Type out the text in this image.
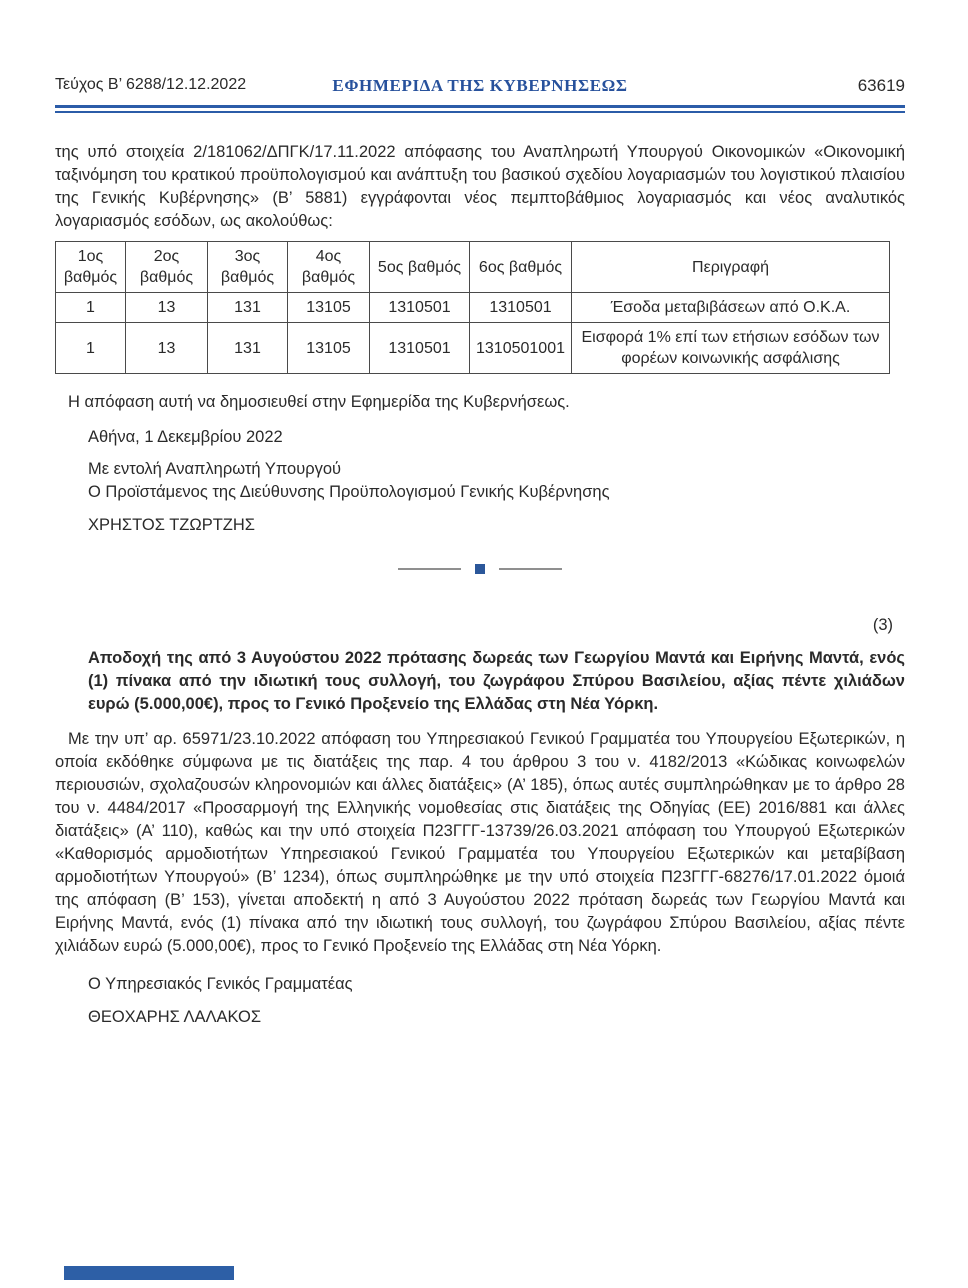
Τεύχος Β’ 6288/12.12.2022	ΕΦΗΜΕΡΙΔΑ ΤΗΣ ΚΥΒΕΡΝΗΣΕΩΣ	63619

της υπό στοιχεία 2/181062/ΔΠΓΚ/17.11.2022 απόφασης του Αναπληρωτή Υπουργού Οικονομικών «Οικονομική ταξινόμηση του κρατικού προϋπολογισμού και ανάπτυξη του βασικού σχεδίου λογαριασμών του λογιστικού πλαισίου της Γενικής Κυβέρνησης» (Β’ 5881) εγγράφονται νέος πεμπτοβάθμιος λογαριασμός και νέος αναλυτικός λογαριασμός εσόδων, ως ακολούθως:

1ος βαθμός	2ος βαθμός	3ος βαθμός	4ος βαθμός	5ος βαθμός	6ος βαθμός	Περιγραφή
1	13	131	13105	1310501	1310501	Έσοδα μεταβιβάσεων από Ο.Κ.Α.
1	13	131	13105	1310501	1310501001	Εισφορά 1% επί των ετήσιων εσόδων των φορέων κοινωνικής ασφάλισης

Η απόφαση αυτή να δημοσιευθεί στην Εφημερίδα της Κυβερνήσεως.

Αθήνα, 1 Δεκεμβρίου 2022

Με εντολή Αναπληρωτή Υπουργού

Ο Προϊστάμενος της Διεύθυνσης Προϋπολογισμού Γενικής Κυβέρνησης

ΧΡΗΣΤΟΣ ΤΖΩΡΤΖΗΣ

(3)

Αποδοχή της από 3 Αυγούστου 2022 πρότασης δωρεάς των Γεωργίου Μαντά και Ειρήνης Μαντά, ενός (1) πίνακα από την ιδιωτική τους συλλογή, του ζωγράφου Σπύρου Βασιλείου, αξίας πέντε χιλιάδων ευρώ (5.000,00€), προς το Γενικό Προξενείο της Ελλάδας στη Νέα Υόρκη.

Με την υπ’ αρ. 65971/23.10.2022 απόφαση του Υπηρεσιακού Γενικού Γραμματέα του Υπουργείου Εξωτερικών, η οποία εκδόθηκε σύμφωνα με τις διατάξεις της παρ. 4 του άρθρου 3 του ν. 4182/2013 «Κώδικας κοινωφελών περιουσιών, σχολαζουσών κληρονομιών και άλλες διατάξεις» (Α’ 185), όπως αυτές συμπληρώθηκαν με το άρθρο 28 του ν. 4484/2017 «Προσαρμογή της Ελληνικής νομοθεσίας στις διατάξεις της Οδηγίας (ΕΕ) 2016/881 και άλλες διατάξεις» (Α’ 110), καθώς και την υπό στοιχεία Π23ΓΓΓ-13739/26.03.2021 απόφαση του Υπουργού Εξωτερικών «Καθορισμός αρμοδιοτήτων Υπηρεσιακού Γενικού Γραμματέα του Υπουργείου Εξωτερικών και μεταβίβαση αρμοδιοτήτων Υπουργού» (Β’ 1234), όπως συμπληρώθηκε με την υπό στοιχεία Π23ΓΓΓ-68276/17.01.2022 όμοιά της απόφαση (Β’ 153), γίνεται αποδεκτή η από 3 Αυγούστου 2022 πρόταση δωρεάς των Γεωργίου Μαντά και Ειρήνης Μαντά, ενός (1) πίνακα από την ιδιωτική τους συλλογή, του ζωγράφου Σπύρου Βασιλείου, αξίας πέντε χιλιάδων ευρώ (5.000,00€), προς το Γενικό Προξενείο της Ελλάδας στη Νέα Υόρκη.

Ο Υπηρεσιακός Γενικός Γραμματέας

ΘΕΟΧΑΡΗΣ ΛΑΛΑΚΟΣ
